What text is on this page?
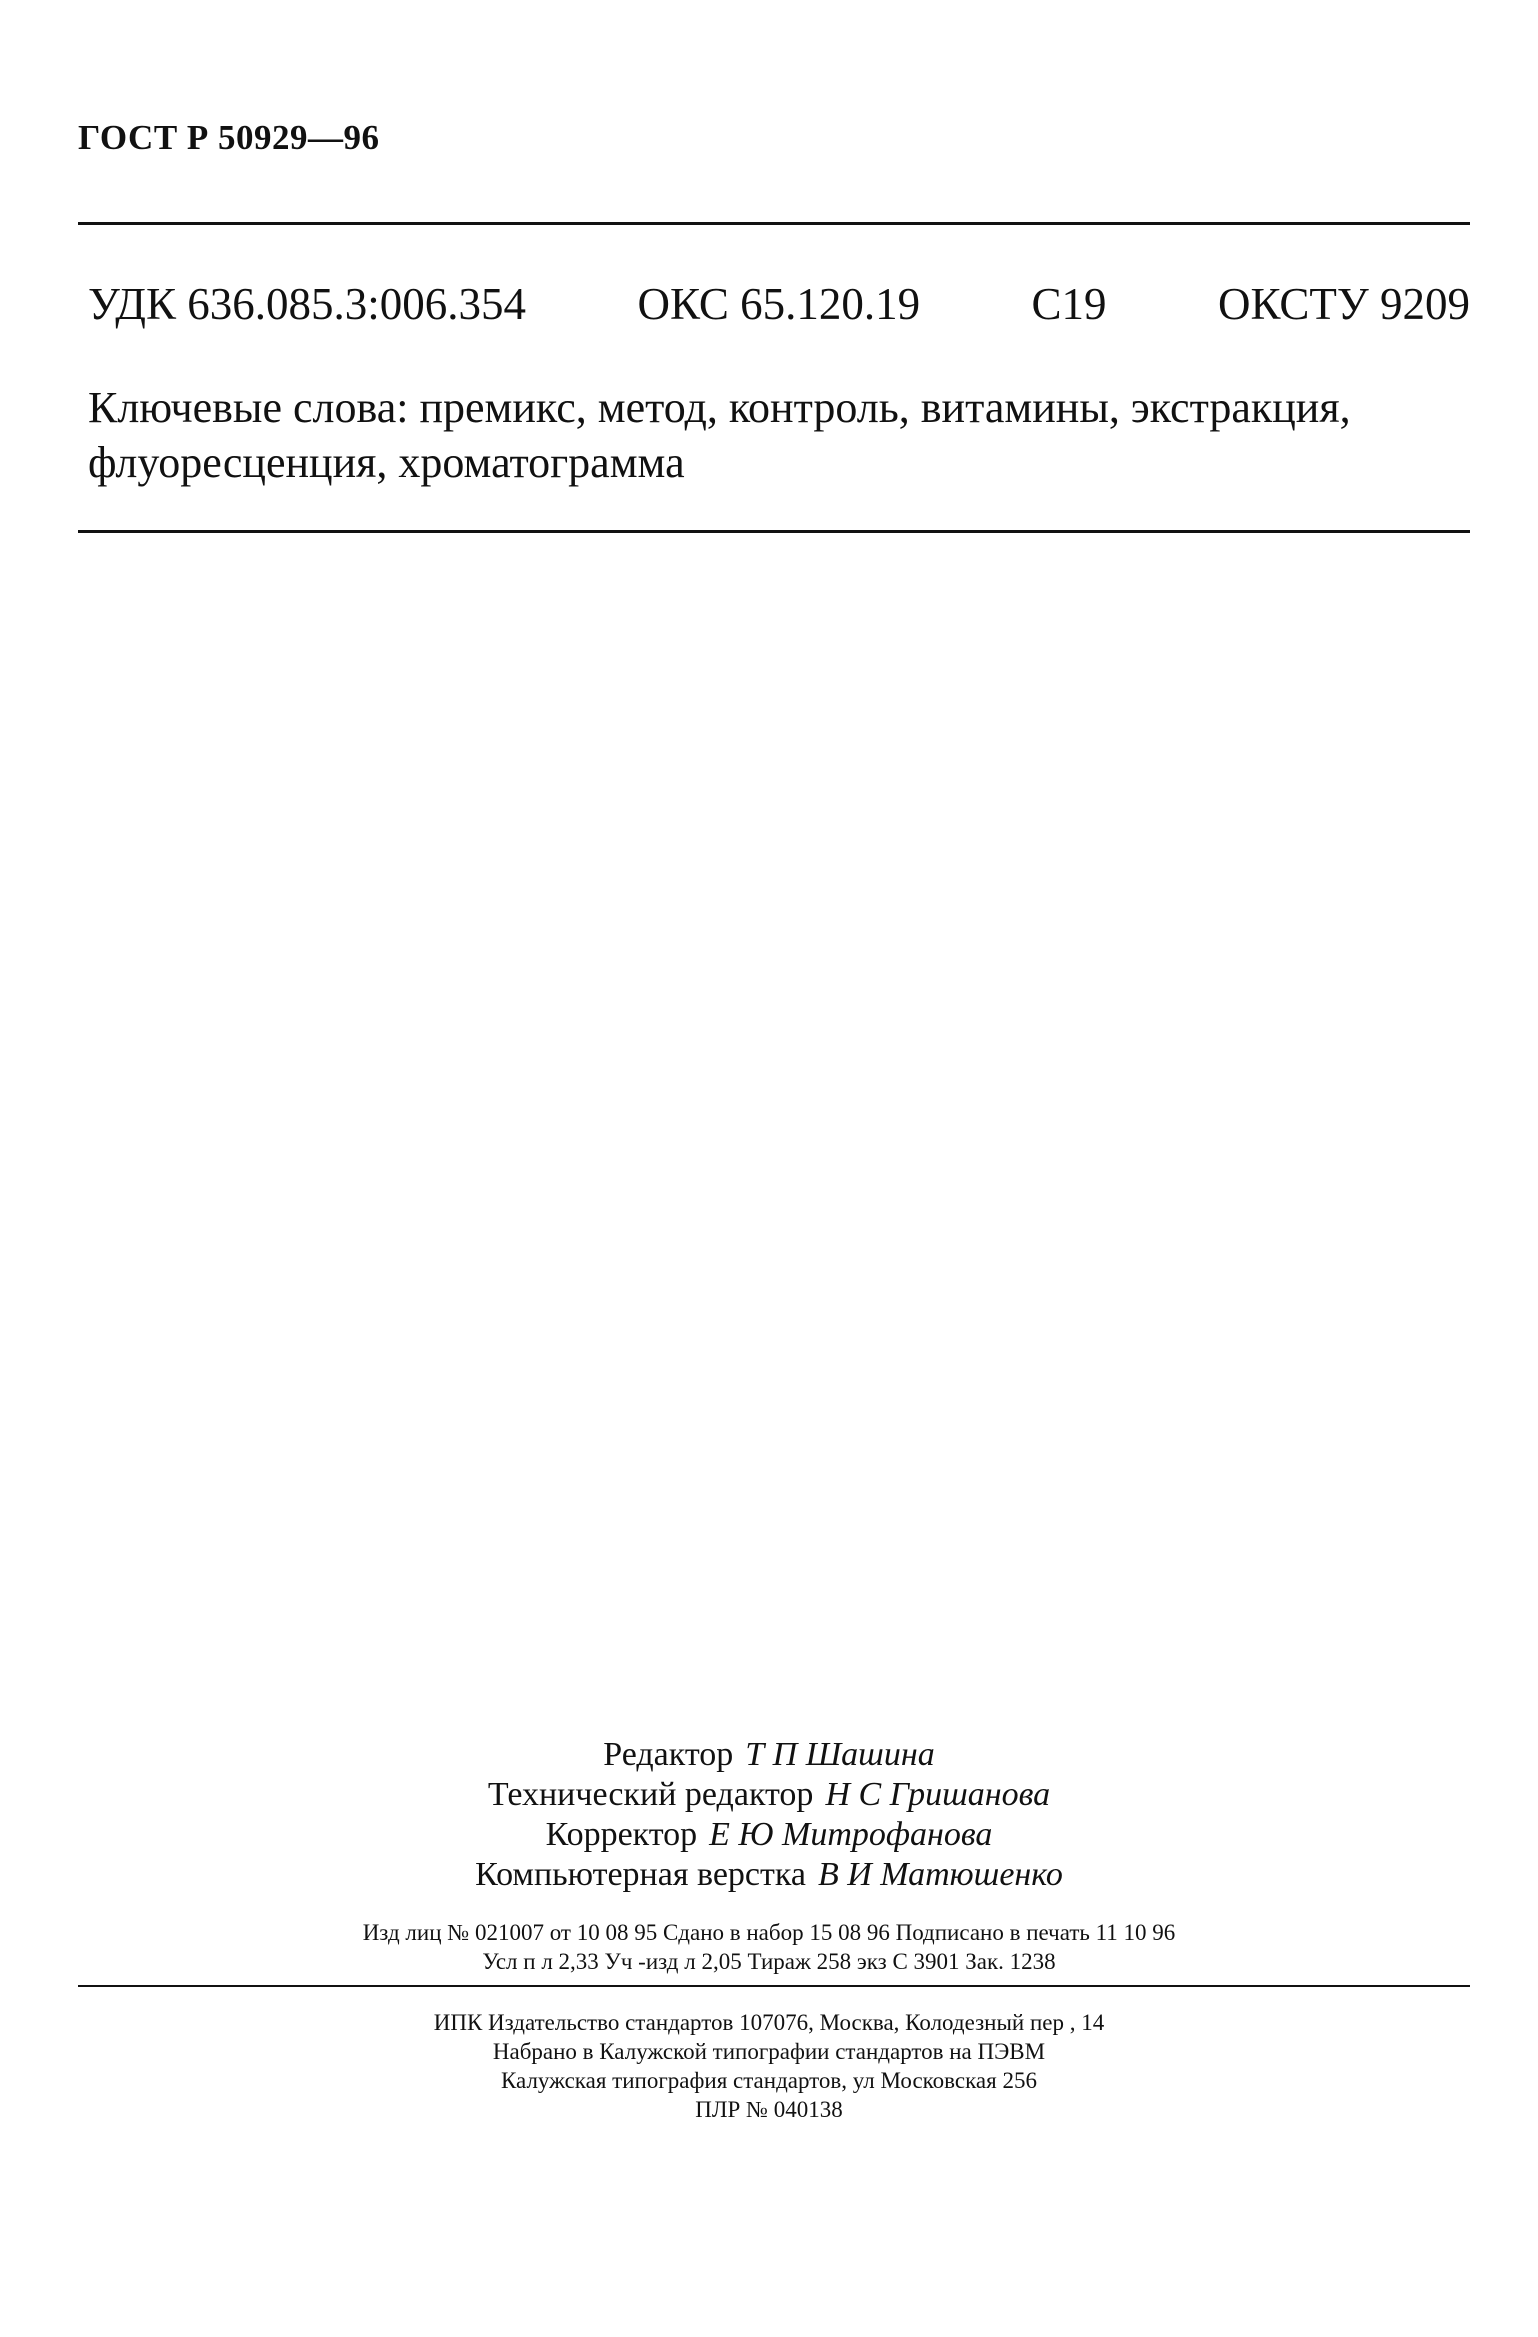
ГОСТ Р 50929—96
УДК 636.085.3:006.354 ОКС 65.120.19 С19 ОКСТУ 9209
Ключевые слова: премикс, метод, контроль, витамины, экстракция,
флуоресценция, хроматограмма
Редактор Т П Шашина
Технический редактор Н С Гришанова
Корректор Е Ю Митрофанова
Компьютерная верстка В И Матюшенко
Изд лиц № 021007 от 10 08 95 Сдано в набор 15 08 96 Подписано в печать 11 10 96
Усл п л 2,33 Уч -изд л 2,05 Тираж 258 экз С 3901 Зак. 1238
ИПК Издательство стандартов 107076, Москва, Колодезный пер , 14
Набрано в Калужской типографии стандартов на ПЭВМ
Калужская типография стандартов, ул Московская 256
ПЛР № 040138
